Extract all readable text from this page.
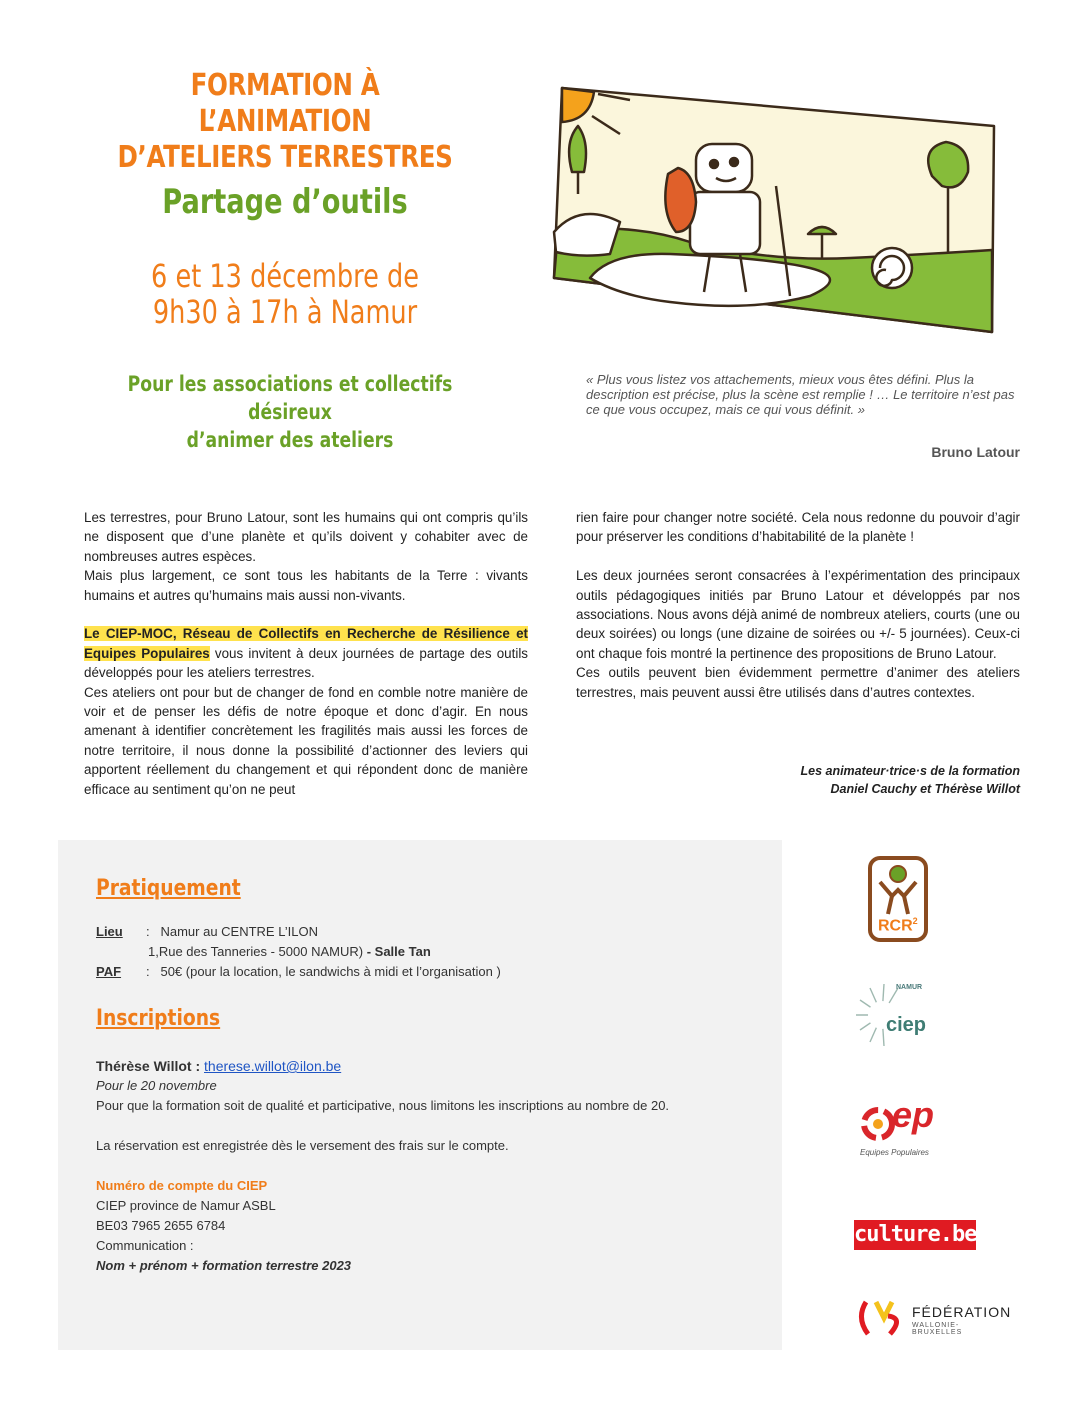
FORMATION À L’ANIMATION
D’ATELIERS TERRESTRES
Partage d’outils
6 et 13 décembre de
9h30 à 17h à Namur
Pour les associations et collectifs désireux
d’animer des ateliers
« Plus vous listez vos attachements, mieux vous êtes défini. Plus la description est précise, plus la scène est remplie ! … Le territoire n’est pas ce que vous occupez, mais ce qui vous définit. »
Bruno Latour

Les terrestres, pour Bruno Latour, sont les humains qui ont compris qu’ils ne disposent que d’une planète et qu’ils doivent y cohabiter avec de nombreuses autres espèces.

Mais plus largement, ce sont tous les habitants de la Terre : vivants humains et autres qu’humains mais aussi non-vivants.

Le CIEP-MOC, Réseau de Collectifs en Recherche de Résilience et Equipes Populaires vous invitent à deux journées de partage des outils développés pour les ateliers terrestres.

Ces ateliers ont pour but de changer de fond en comble notre manière de voir et de penser les défis de notre époque et donc d’agir. En nous amenant à identifier concrètement les fragilités mais aussi les forces de notre territoire, il nous donne la possibilité d’actionner des leviers qui apportent réellement du changement et qui répondent donc de manière efficace au sentiment qu’on ne peut

rien faire pour changer notre société. Cela nous redonne du pouvoir d’agir pour préserver les conditions d’habitabilité de la planète !

Les deux journées seront consacrées à l’expérimentation des principaux outils pédagogiques initiés par Bruno Latour et développés par nos associations. Nous avons déjà animé de nombreux ateliers, courts (une ou deux soirées) ou longs (une dizaine de soirées ou +/- 5 journées). Ceux-ci ont chaque fois montré la pertinence des propositions de Bruno Latour.

Ces outils peuvent bien évidemment permettre d’animer des ateliers terrestres, mais peuvent aussi être utilisés dans d’autres contextes.

Les animateur·trice·s de la formation
Daniel Cauchy et Thérèse Willot
Pratiquement
Lieu : Namur au CENTRE L’ILON
1,Rue des Tanneries - 5000 NAMUR) - Salle Tan
PAF : 50€ (pour la location, le sandwichs à midi et l’organisation )
Inscriptions
Thérèse Willot : therese.willot@ilon.be
Pour le 20 novembre
Pour que la formation soit de qualité et participative, nous limitons les inscriptions au nombre de 20.
La réservation est enregistrée dès le versement des frais sur le compte.
Numéro de compte du CIEP
CIEP province de Namur ASBL
BE03 7965 2655 6784
Communication :
Nom + prénom + formation terrestre 2023
RCR$^2$
NAMUR
ciep
ep
Equipes Populaires
culture.be
FÉDÉRATION
WALLONIE-BRUXELLES
